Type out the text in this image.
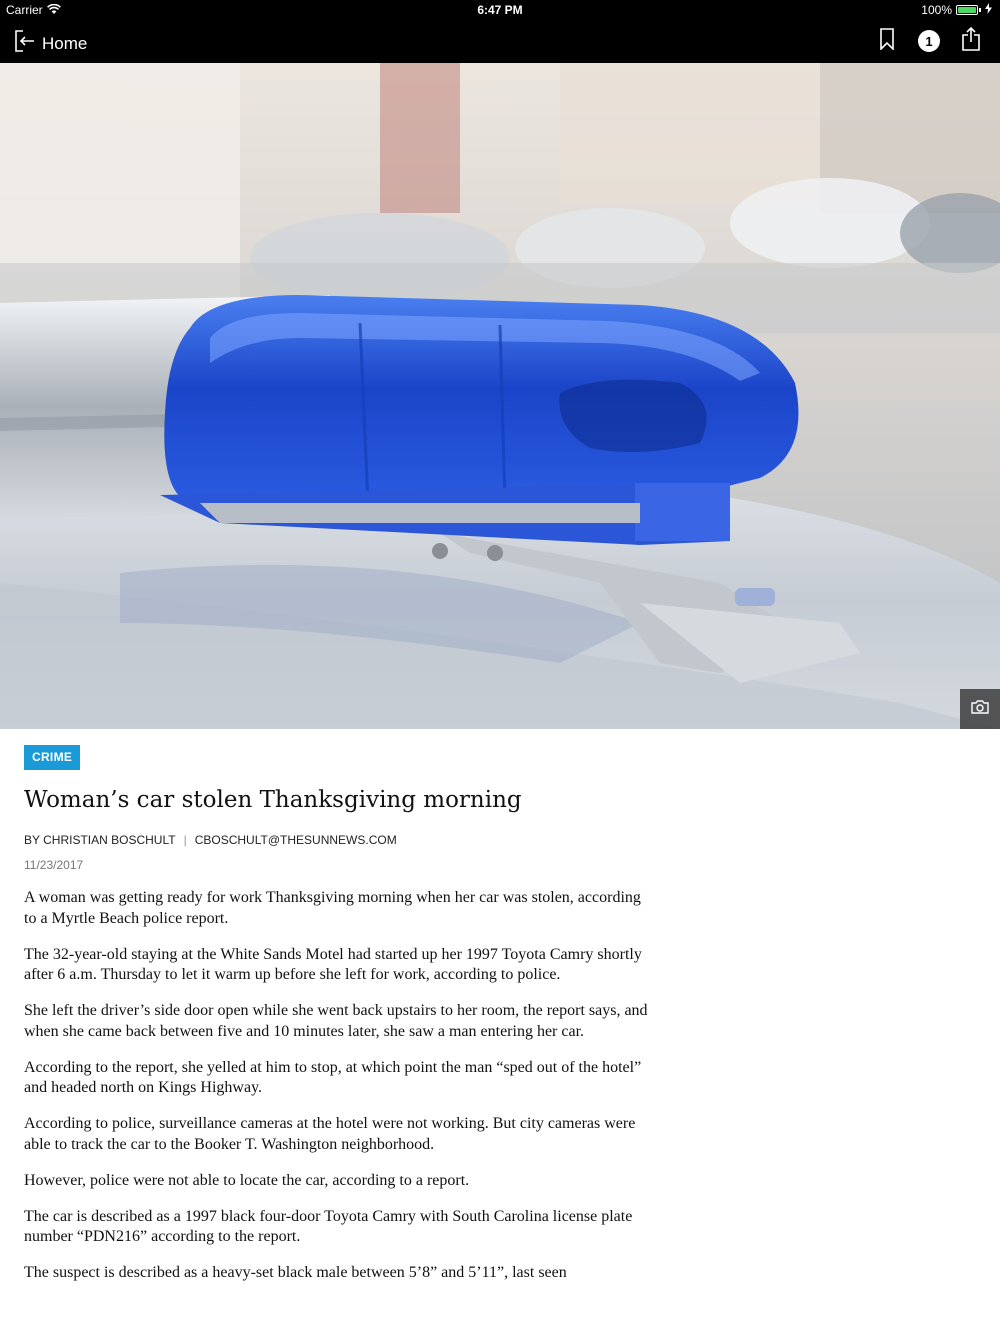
Carrier	6:47 PM	100%
Home	1
CRIME
Woman’s car stolen Thanksgiving morning
BY CHRISTIAN BOSCHULT | CBOSCHULT@THESUNNEWS.COM
11/23/2017

A woman was getting ready for work Thanksgiving morning when her car was stolen, according to a Myrtle Beach police report.

The 32-year-old staying at the White Sands Motel had started up her 1997 Toyota Camry shortly after 6 a.m. Thursday to let it warm up before she left for work, according to police.

She left the driver’s side door open while she went back upstairs to her room, the report says, and when she came back between five and 10 minutes later, she saw a man entering her car.

According to the report, she yelled at him to stop, at which point the man “sped out of the hotel” and headed north on Kings Highway.

According to police, surveillance cameras at the hotel were not working. But city cameras were able to track the car to the Booker T. Washington neighborhood.

However, police were not able to locate the car, according to a report.

The car is described as a 1997 black four-door Toyota Camry with South Carolina license plate number “PDN216” according to the report.

The suspect is described as a heavy-set black male between 5’8” and 5’11”, last seen
